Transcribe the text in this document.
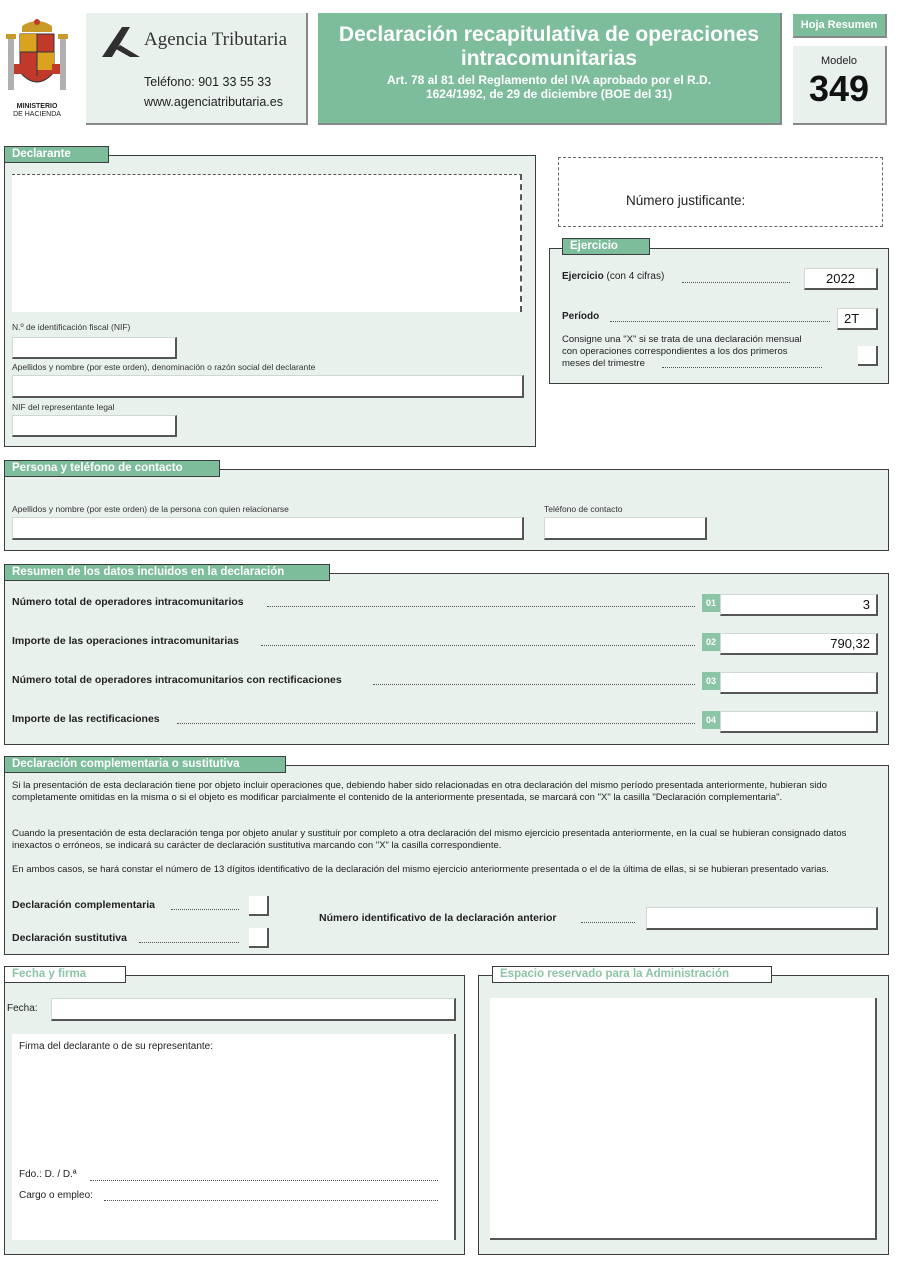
MINISTERIO
DE HACIENDA
Agencia Tributaria
Teléfono: 901 33 55 33
www.agenciatributaria.es
Declaración recapitulativa de operaciones
intracomunitarias
Art. 78 al 81 del Reglamento del IVA aprobado por el R.D.
1624/1992, de 29 de diciembre (BOE del 31)
Hoja Resumen
Modelo
349
N.º de identificación fiscal (NIF)
Apellidos y nombre (por este orden), denominación o razón social del declarante
NIF del representante legal
Declarante
Número justificante:
Ejercicio (con 4 cifras)	2022
Período	2T
Consigne una "X" si se trata de una declaración mensual
con operaciones correspondientes a los dos primeros
meses del trimestre
Ejercicio
Apellidos y nombre (por este orden) de la persona con quien relacionarse	Teléfono de contacto
Persona y teléfono de contacto
Número total de operadores intracomunitarios	01	3
Importe de las operaciones intracomunitarias	02	790,32
Número total de operadores intracomunitarios con rectificaciones	03
Importe de las rectificaciones	04
Resumen de los datos incluidos en la declaración
Si la presentación de esta declaración tiene por objeto incluir operaciones que, debiendo haber sido relacionadas en otra declaración del mismo período presentada anteriormente, hubieran sido completamente omitidas en la misma o si el objeto es modificar parcialmente el contenido de la anteriormente presentada, se marcará con "X" la casilla "Declaración complementaria".
Cuando la presentación de esta declaración tenga por objeto anular y sustituir por completo a otra declaración del mismo ejercicio presentada anteriormente, en la cual se hubieran consignado datos inexactos o erróneos, se indicará su carácter de declaración sustitutiva marcando con "X" la casilla correspondiente.
En ambos casos, se hará constar el número de 13 dígitos identificativo de la declaración del mismo ejercicio anteriormente presentada o el de la última de ellas, si se hubieran presentado varias.
Declaración complementaria
Declaración sustitutiva
Número identificativo de la declaración anterior
Declaración complementaria o sustitutiva
Fecha:
Firma del declarante o de su representante:
Fdo.: D. / D.ª
Cargo o empleo:
Fecha y firma	Espacio reservado para la Administración
